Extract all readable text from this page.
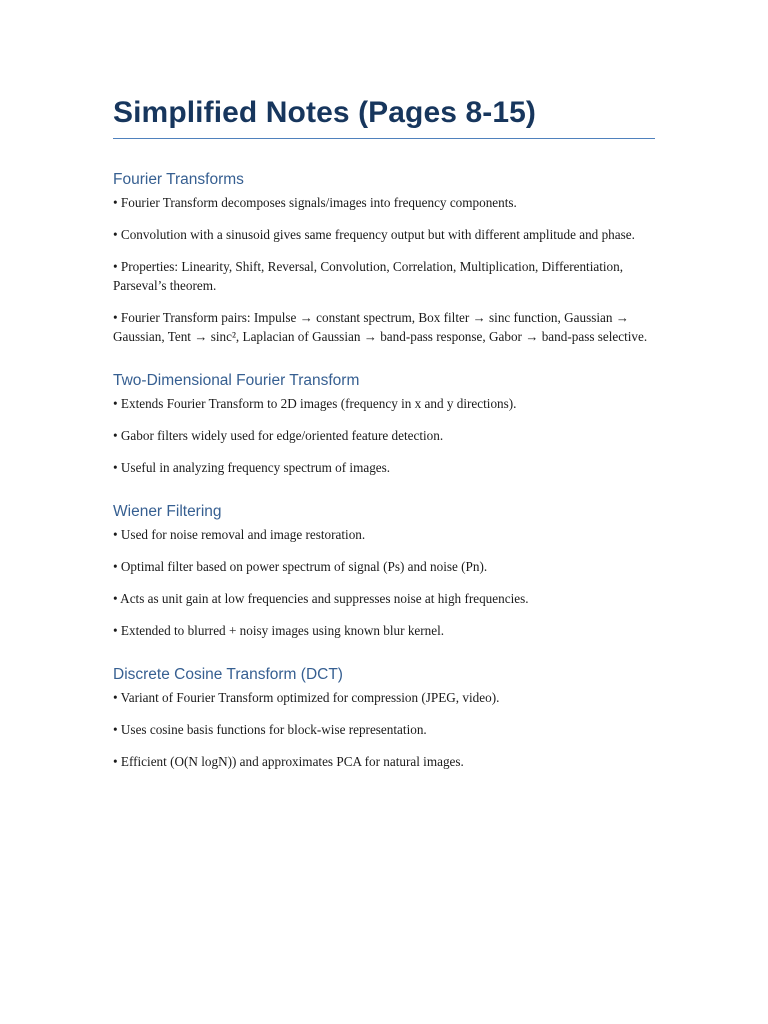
Simplified Notes (Pages 8-15)
Fourier Transforms

• Fourier Transform decomposes signals/images into frequency components.

• Convolution with a sinusoid gives same frequency output but with different amplitude and phase.

• Properties: Linearity, Shift, Reversal, Convolution, Correlation, Multiplication, Differentiation, Parseval’s theorem.

• Fourier Transform pairs: Impulse → constant spectrum, Box filter → sinc function, Gaussian → Gaussian, Tent → sinc², Laplacian of Gaussian → band-pass response, Gabor → band-pass selective.

Two-Dimensional Fourier Transform

• Extends Fourier Transform to 2D images (frequency in x and y directions).

• Gabor filters widely used for edge/oriented feature detection.

• Useful in analyzing frequency spectrum of images.

Wiener Filtering

• Used for noise removal and image restoration.

• Optimal filter based on power spectrum of signal (Ps) and noise (Pn).

• Acts as unit gain at low frequencies and suppresses noise at high frequencies.

• Extended to blurred + noisy images using known blur kernel.

Discrete Cosine Transform (DCT)

• Variant of Fourier Transform optimized for compression (JPEG, video).

• Uses cosine basis functions for block-wise representation.

• Efficient (O(N logN)) and approximates PCA for natural images.
